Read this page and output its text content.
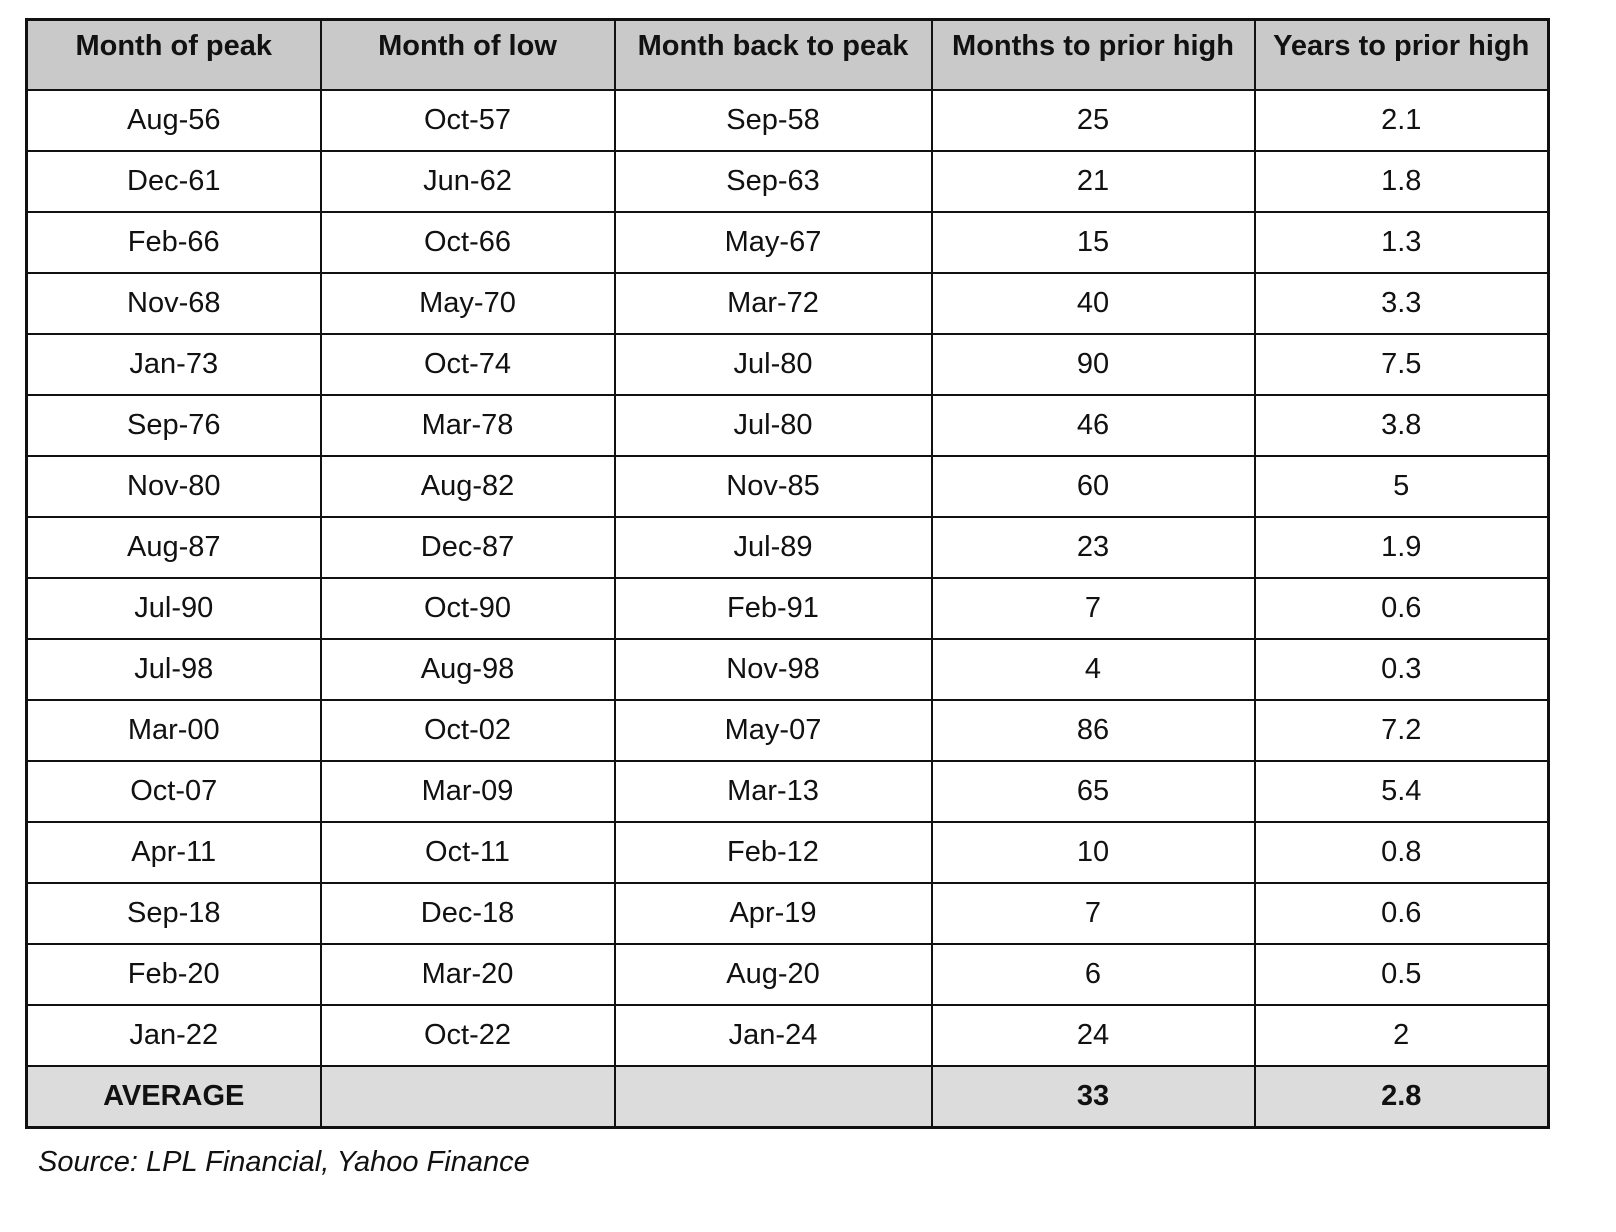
Month of peak	Month of low	Month back to peak	Months to prior high	Years to prior high
Aug-56	Oct-57	Sep-58	25	2.1
Dec-61	Jun-62	Sep-63	21	1.8
Feb-66	Oct-66	May-67	15	1.3
Nov-68	May-70	Mar-72	40	3.3
Jan-73	Oct-74	Jul-80	90	7.5
Sep-76	Mar-78	Jul-80	46	3.8
Nov-80	Aug-82	Nov-85	60	5
Aug-87	Dec-87	Jul-89	23	1.9
Jul-90	Oct-90	Feb-91	7	0.6
Jul-98	Aug-98	Nov-98	4	0.3
Mar-00	Oct-02	May-07	86	7.2
Oct-07	Mar-09	Mar-13	65	5.4
Apr-11	Oct-11	Feb-12	10	0.8
Sep-18	Dec-18	Apr-19	7	0.6
Feb-20	Mar-20	Aug-20	6	0.5
Jan-22	Oct-22	Jan-24	24	2
AVERAGE			33	2.8
Source: LPL Financial, Yahoo Finance
